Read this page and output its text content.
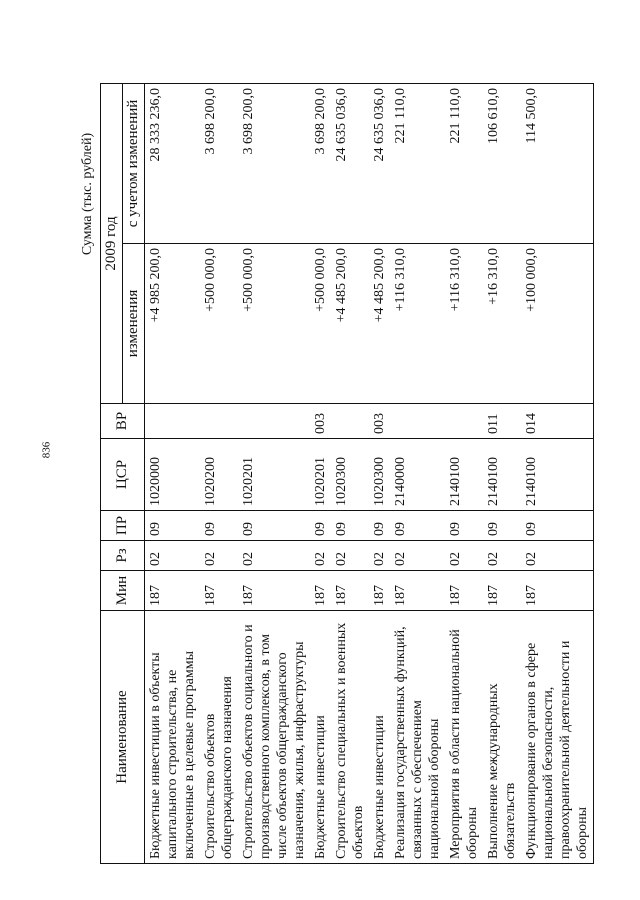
836
Сумма (тыс. рублей)
Наименование	Мин	Рз	ПР	ЦСР	ВР	2009 год	
						изменения	с учетом изменений
Бюджетные инвестиции в объекты капитального строительства, не включенные в целевые программы	187	02	09	1020000		+4 985 200,0	28 333 236,0
Строительство объектов общегражданского назначения	187	02	09	1020200		+500 000,0	3 698 200,0
Строительство объектов социального и производственного комплексов, в том числе объектов общегражданского назначения, жилья, инфраструктуры	187	02	09	1020201		+500 000,0	3 698 200,0
Бюджетные инвестиции	187	02	09	1020201	003	+500 000,0	3 698 200,0
Строительство специальных и военных объектов	187	02	09	1020300		+4 485 200,0	24 635 036,0
Бюджетные инвестиции	187	02	09	1020300	003	+4 485 200,0	24 635 036,0
Реализация государственных функций, связанных с обеспечением национальной обороны	187	02	09	2140000		+116 310,0	221 110,0
Мероприятия в области национальной обороны	187	02	09	2140100		+116 310,0	221 110,0
Выполнение международных обязательств	187	02	09	2140100	011	+16 310,0	106 610,0
Функционирование органов в сфере национальной безопасности, правоохранительной деятельности и обороны	187	02	09	2140100	014	+100 000,0	114 500,0
